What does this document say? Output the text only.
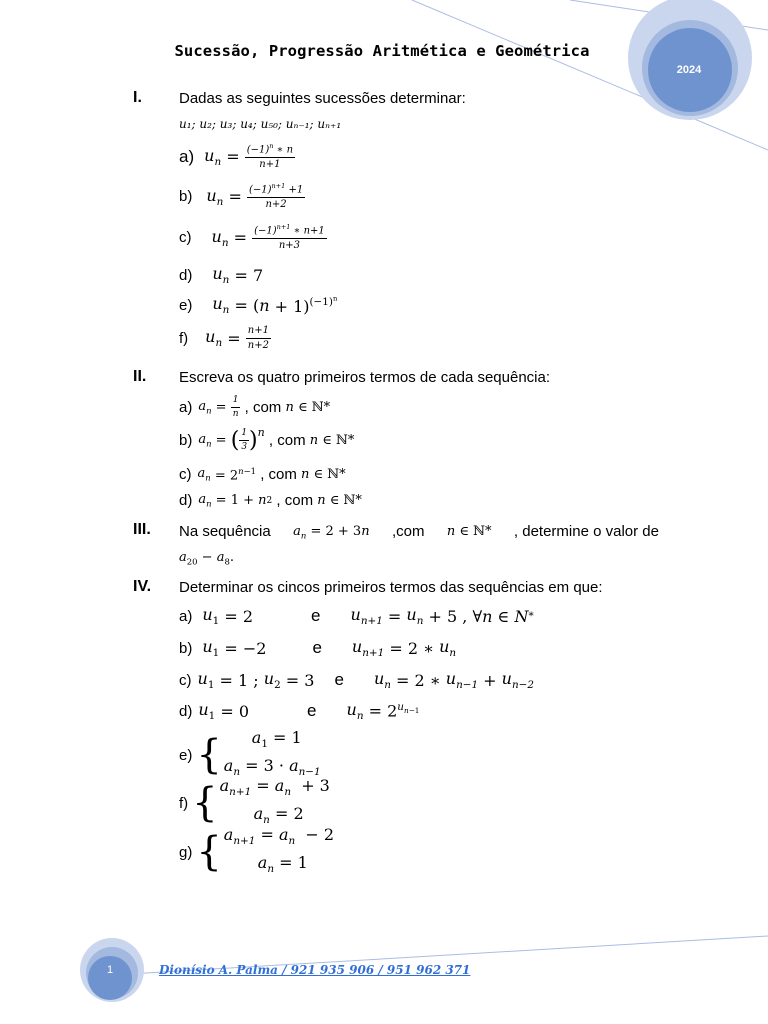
2024
Sucessão, Progressão Aritmética e Geométrica
I. Dadas as seguintes sucessões determinar:
u₁; u₂; u₃; u₄; u₅₀; uₙ₋₁; uₙ₊₁
a) $u_n = \frac{(-1)^n ∗ n}{n+1}$
b) $u_n = \frac{(-1)^{n+1} +1}{n+2}$
c) $u_n = \frac{(-1)^{n+1} ∗ n+1}{n+3}$
d) $u_n = 7$
e) $u_n$ = ( n + 1)$^{(-1)^n}$
f) $u_n = \frac{n+1}{n+2}$
II. Escreva os quatro primeiros termos de cada sequência:
a) $a_n = \frac{1}{n}$
, com n ∈ ℕ*
b) $a_n$ = ( $\frac{1}{3} )^n$
, com n ∈ ℕ*
c) $a_n = 2^{n-1}$
, com n ∈ ℕ*
d) $a_n = 1 + n$ 2
, com n ∈ ℕ*
III. Na sequência $a_n = 2 + 3n$ ,com n ∈ ℕ* , determine o valor de
$a_{20} - a_8$.
IV. Determinar os cincos primeiros termos das sequências em que:
a) $u_1 = 2$	e $u_{n+1} = u_n + 5$ , ∀ n ∈ N *
b) $u_1 = -2$	e $u_{n+1} = 2$ ∗ $u_n$
c) $u_1 = 1$ ; $u_2 = 3$ e $u_n = 2$ ∗ $u_{n-1} + u_{n-2}$
d) $u_1 = 0$	e $u_n = 2^{u_{n-1}}$
e) {	$a_1 = 1$
$a_n = 3 \cdot a_{n-1}$
f) { $a_{n+1} = a_n + 3$
$a_n = 2$
g) { $a_{n+1} = a_n - 2$
$a_n = 1$
1	Dionísio A. Palma / 921 935 906 / 951 962 371
